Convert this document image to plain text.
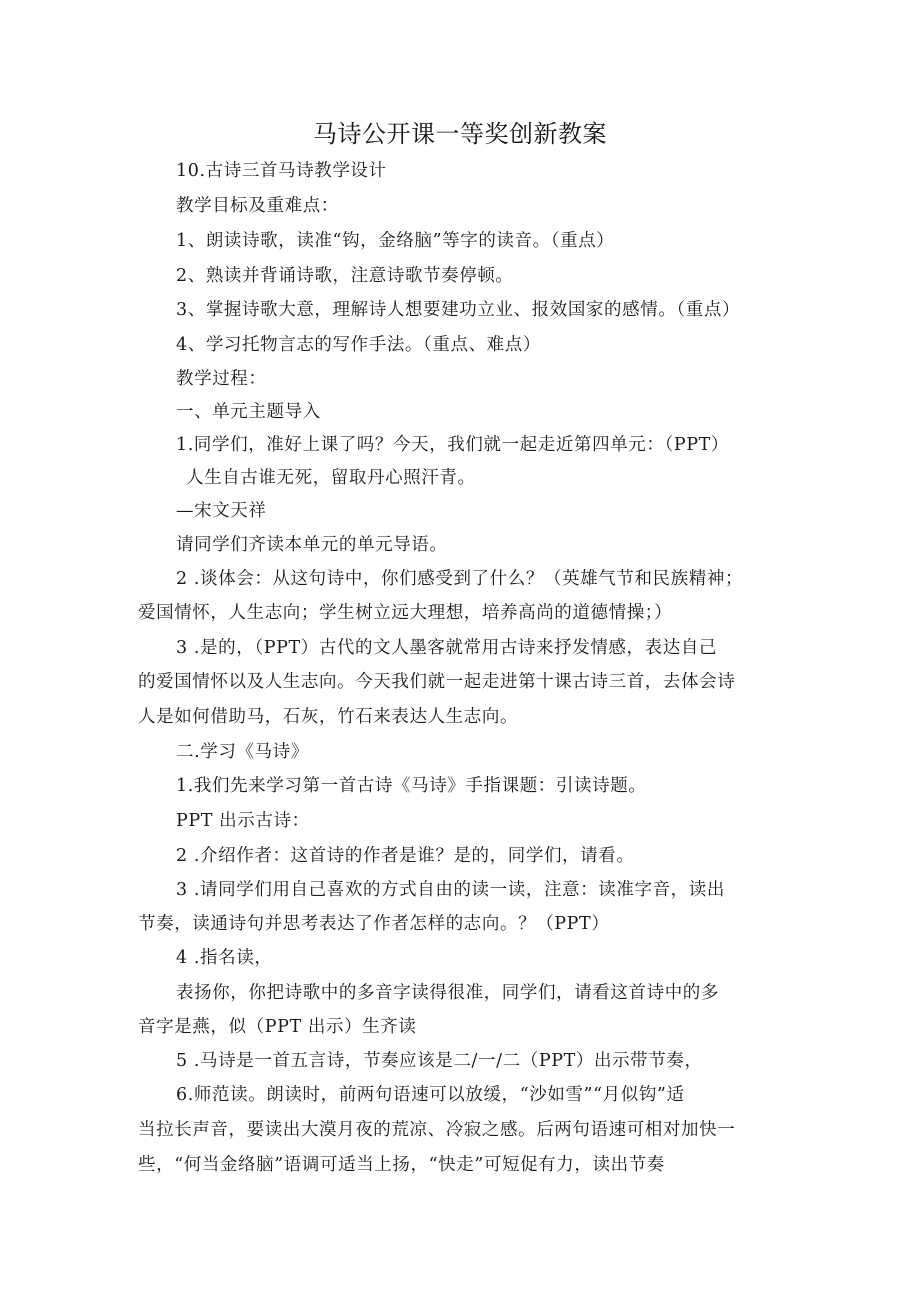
马诗公开课一等奖创新教案
10.古诗三首马诗教学设计
教学目标及重难点：
1、朗读诗歌，读准“钩，金络脑”等字的读音。（重点）
2、熟读并背诵诗歌，注意诗歌节奏停顿。
3、掌握诗歌大意，理解诗人想要建功立业、报效国家的感情。（重点）
4、学习托物言志的写作手法。（重点、难点）
教学过程：
一、单元主题导入
1.同学们，准好上课了吗？今天，我们就一起走近第四单元：（PPT）
人生自古谁无死，留取丹心照汗青。
—宋文天祥
请同学们齐读本单元的单元导语。
2 .谈体会：从这句诗中，你们感受到了什么？（英雄气节和民族精神；
爱国情怀，人生志向；学生树立远大理想，培养高尚的道德情操；）
3 .是的，（PPT）古代的文人墨客就常用古诗来抒发情感，表达自己
的爱国情怀以及人生志向。今天我们就一起走进第十课古诗三首，去体会诗
人是如何借助马，石灰，竹石来表达人生志向。
二.学习《马诗》
1.我们先来学习第一首古诗《马诗》手指课题：引读诗题。
PPT 出示古诗：
2 .介绍作者：这首诗的作者是谁？是的，同学们，请看。
3 .请同学们用自己喜欢的方式自由的读一读，注意：读准字音，读出
节奏，读通诗句并思考表达了作者怎样的志向。？（PPT）
4 .指名读，
表扬你，你把诗歌中的多音字读得很准，同学们，请看这首诗中的多
音字是燕，似（PPT 出示）生齐读
5 .马诗是一首五言诗，节奏应该是二/一/二（PPT）出示带节奏，
6.师范读。朗读时，前两句语速可以放缓，“沙如雪”“月似钩”适
当拉长声音，要读出大漠月夜的荒凉、冷寂之感。后两句语速可相对加快一
些，“何当金络脑”语调可适当上扬，“快走”可短促有力，读出节奏
